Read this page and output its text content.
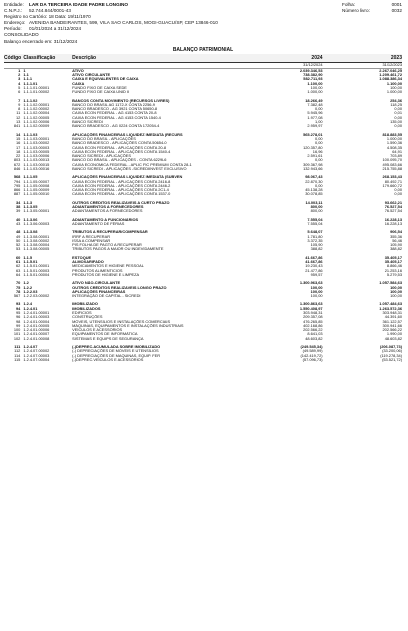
Entidade:	LAR DA TERCEIRA IDADE PADRE LONGINO	Folha:	0001
C.N.P.J.:	52.744.844/0001-43	Número livro:	0032
Registro no Cartório:
18 Data: 19/11/1970
Endereço: AVENIDA BANDEIRANTES, 599, VILA SAO CARLOS, MOGI-GUACU/SP, CEP 13846-010
Período:	01/01/2024 a 31/12/2024
CONSOLIDADO
Balanço encerrado em:
31/12/2024
BALANÇO PATRIMONIAL
Código	Classificação	Descrição	2024	2023
			31/12/2024	31/12/2023
1	1	ATIVO	2.039.346,53	2.267.046,25
2	1.1	ATIVO CIRCULANTE	738.382,90	1.209.461,72
3	1.1.1	CAIXA E EQUIVALENTES DE CAIXA	582.711,93	1.088.386,34
4	1.1.1.01	CAIXA	1.100,00	1.100,00
5	1.1.1.01.00001	FUNDO FIXO DE CAIXA SEDE	100,00	100,00
6	1.1.1.01.00002	FUNDO FIXO DE CAIXA UNID II	1.000,00	1.000,00

7	1.1.1.02	BANCOS CONTA MOVIMENTO (RECURSOS LIVRES)	18.266,49	254,36
9	1.1.1.02.00001	BANCO DO BRASIL AG 1172-X CONTA 2256-9	7.382,48	118,25
8	1.1.1.02.00002	BANCO BRADESCO - AG 3921 CONTA 50650-8	0,00	0,00
11	1.1.1.02.00004	CAIXA ECON FEDERAL - AG 4153 CONTA 20-8	5.945,96	0,01
12	1.1.1.02.00005	CAIXA ECON FEDERAL - AG 4153 CONTA 1540-4	1.977,08	0,00
13	1.1.1.02.00006	BANCO SICREDI	1,00	135,00
841	1.1.1.02.00009	BANCO BRADESCO - AG 0224 CONTA 172054-4	2.959,97	0,00

14	1.1.1.03	APLICAÇÕES FINANCEIRAS LIQUIDEZ IMEDIATA (RECURS	565.278,01	818.883,55
15	1.1.1.03.00001	BANCO DO BRASIL - APLICAÇÕES	0,00	1.000,00
16	1.1.1.03.00002	BANCO BRADESCO - APLICAÇÕES CONTA 50654-0	0,00	1.590,36
17	1.1.1.03.00003	CAIXA ECON FEDERAL - APLICAÇÕES CONTA 20-8	120.357,80	4.508,35
18	1.1.1.03.00005	CAIXA ECON FEDERAL - APLICAÇÕES CONTA 1540-4	16,96	64,91
22	1.1.1.03.00006	BANCO SICREDI - APLICAÇÕES	2.591,61	703,89
803	1.1.1.03.00013	BANCO DO BRASIL - APLICAÇÕES - CONTA 6229L6	0,00	100.095,70
672	1.1.1.03.00015	CAIXA ECONOMICA FEDERAL - APLIC FIC PREMIUM CONTA 28-1	309.367,98	495.083,66
846	1.1.1.03.00016	BANCO SICREDI - APLICAÇÕES -SICREDIINVEST EXCLUSIVO	132.943,66	215.755,88

568	1.1.1.05	APLICAÇÕES FINANCEIRAS LIQUIDEZ IMEDIATA (SUBVEN	98.067,43	268.153,43
794	1.1.1.05.00007	CAIXA ECON FEDERAL - APLICAÇÕES CONTA 2416-8	22.870,30	80.492,71
795	1.1.1.05.00008	CAIXA ECON FEDERAL - APLICAÇÕES CONTA 2446-2	0,00	179.660,72
866	1.1.1.05.00009	CAIXA ECON FEDERAL - APLICAÇÕES CONTA 2C1-4	45.138,28	0,00
887	1.1.1.05.00010	CAIXA ECON FEDERAL - APLICAÇÕES CONTA 1537-0	30.078,85	0,00

34	1.1.3	OUTROS CRÉDITOS REALIZAVEIS A CURTO PRAZO	14.003,11	93.662,21
38	1.1.3.05	ADIANTAMENTOS A FORNECEDORES	800,00	76.527,54
39	1.1.3.05.00001	ADIANTAMENTOS A FORNECEDORES	800,00	76.527,54

40	1.1.3.06	ADIANTAMENTO A FUNCIONÁRIOS	7.555,04	16.228,13
43	1.1.3.06.00003	ADIANTAMENTO DE FÉRIAS	7.555,04	16.228,13

48	1.1.3.08	TRIBUTOS A RECUPERAR/COMPENSAR	5.648,07	906,54
49	1.1.3.08.00001	IRRF A RECUPERAR	1.781,80	355,36
50	1.1.3.08.00002	ISSA A COMPENSAR	3.372,35	56,46
52	1.1.3.08.00004	PIS FOLHA DE PAGTO A RECUPERAR	105,90	105,90
53	1.1.3.08.00005	TRIBUTOS PAGOS A MAIOR OU INDEVIDAMENTE	388,82	388,82

60	1.1.5	ESTOQUE	41.667,86	35.405,17
61	1.1.5.01	ALMOXARIFADO	41.667,86	35.405,17
62	1.1.5.01.00001	MEDICAMENTOS E HIGIENE PESSOAL	19.230,43	8.866,46
63	1.1.5.01.00003	PRODUTOS ALIMENTICIOS	21.477,86	21.253,16
64	1.1.5.01.00004	PRODUTOS DE HIGIENE E LIMPEZA	959,57	5.279,53

70	1.2	ATIVO NÃO-CIRCULANTE	1.300.963,63	1.057.584,63
75	1.2.2	OUTROS CRÉDITOS REALIZAVEIS LONGO PRAZO	100,00	100,00
78	1.2.2.03	APLICAÇÕES FINANCEIRAS	100,00	100,00
567	1.2.2.03.00002	INTEGRAÇÃO DE CAPITAL - SICREDI	100,00	100,00

93	1.2.4	IMOBILIZADO	1.300.863,63	1.057.484,63
94	1.2.4.01	IMOBILIZADOS	1.550.408,97	1.263.572,36
95	1.2.4.01.00001	EDIFICIOS	303.948,31	303.948,31
96	1.2.4.01.00003	CONSTRUÇÕES	209.357,08	44.391,60
98	1.2.4.01.00004	MÓVEIS, UTENSÍLIOS E INSTALAÇÕES COMERCIAIS	476.265,85	361.122,57
99	1.2.4.01.00005	MÁQUINAS, EQUIPAMENTOS E INSTALAÇÕES INDUSTRIAIS	402.168,86	300.941,66
100	1.2.4.01.00006	VEÍCULOS E ACESSÓRIOS	202.566,22	202.566,22
101	1.2.4.01.00007	EQUIPAMENTOS DE INFORMÁTICA	8.641,03	1.990,00
102	1.2.4.01.00008	SISTEMAS E EQUIPS DE SEGURANÇA	48.603,82	48.603,82

111	1.2.4.07	(-)DEPREC.ACUMULADA SOBRE IMOBILIZADO	(249.545,34)	(206.087,73)
112	1.2.4.07.00002	(-) DEPRECIAÇÕES DE MÓVEIS E UTENSÍLIOS	(49.589,99)	(33.200,06)
114	1.2.4.07.00003	(-) DEPRECIAÇÕES DE MAQUINAS, EQUIP. FER	(142.419,72)	(119.278,34)
115	1.2.4.07.00004	(-)DEPREC.VEÍCULOS E ACESSÓRIOS	(57.096,73)	(53.521,72)
